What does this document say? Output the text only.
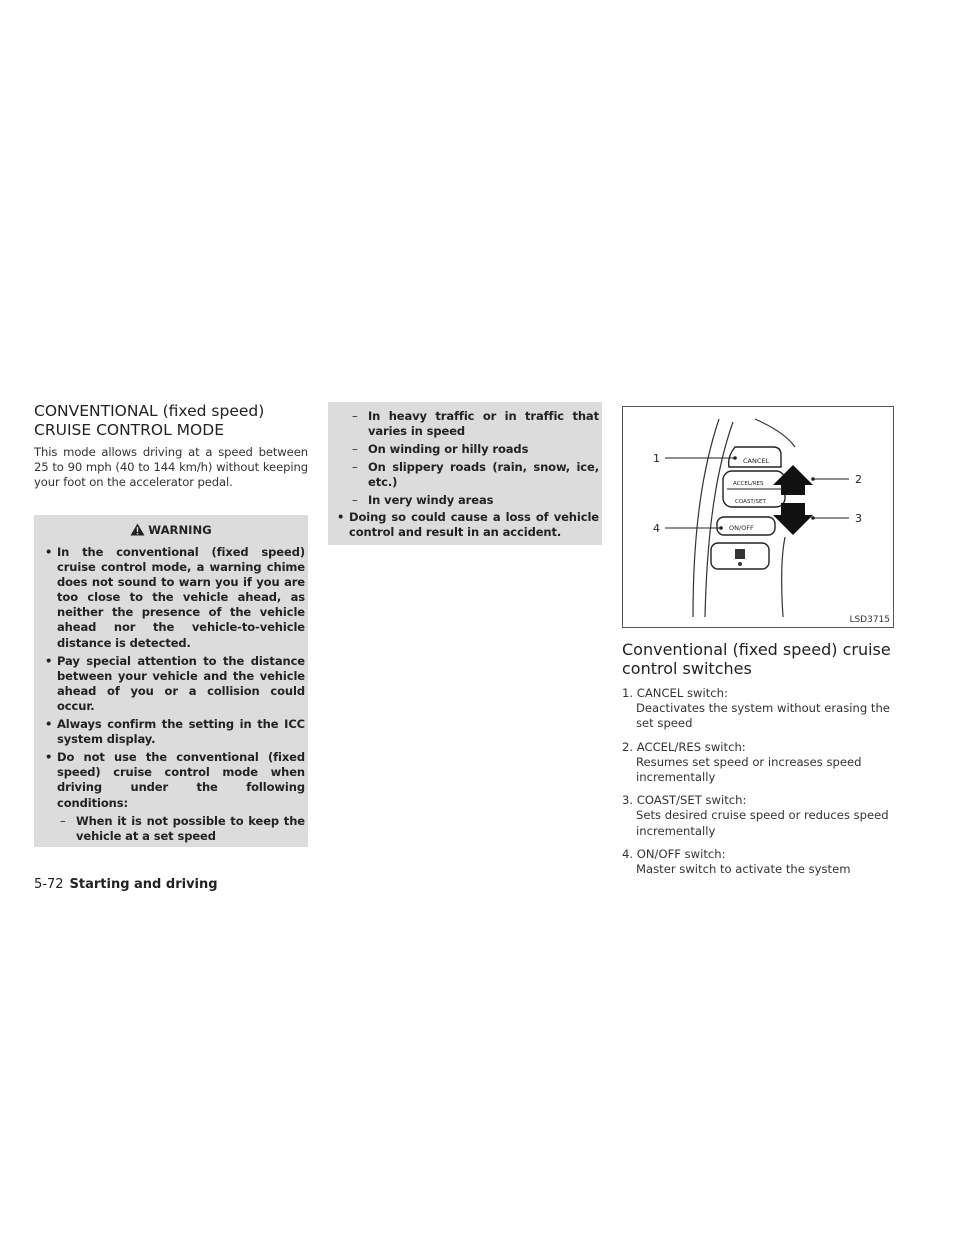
CONVENTIONAL (fixed speed)
CRUISE CONTROL MODE

This mode allows driving at a speed between 25 to 90 mph (40 to 144 km/h) without keeping your foot on the accelerator pedal.

WARNING
• In the conventional (fixed speed) cruise control mode, a warning chime does not sound to warn you if you are too close to the vehicle ahead, as neither the presence of the vehicle ahead nor the vehicle-to-vehicle distance is detected.
• Pay special attention to the distance between your vehicle and the vehicle ahead of you or a collision could occur.
• Always confirm the setting in the ICC system display.
• Do not use the conventional (fixed speed) cruise control mode when driving under the following conditions:
– When it is not possible to keep the vehicle at a set speed
– In heavy traffic or in traffic that varies in speed
– On winding or hilly roads
– On slippery roads (rain, snow, ice, etc.)
– In very windy areas
• Doing so could cause a loss of vehicle control and result in an accident.
CANCEL
ACCEL/RES
COAST/SET
ON/OFF
1
2
3
4
LSD3715
Conventional (fixed speed) cruise
control switches
1. CANCEL switch:
Deactivates the system without erasing the set speed
2. ACCEL/RES switch:
Resumes set speed or increases speed incrementally
3. COAST/SET switch:
Sets desired cruise speed or reduces speed incrementally
4. ON/OFF switch:
Master switch to activate the system
5-72 Starting and driving
